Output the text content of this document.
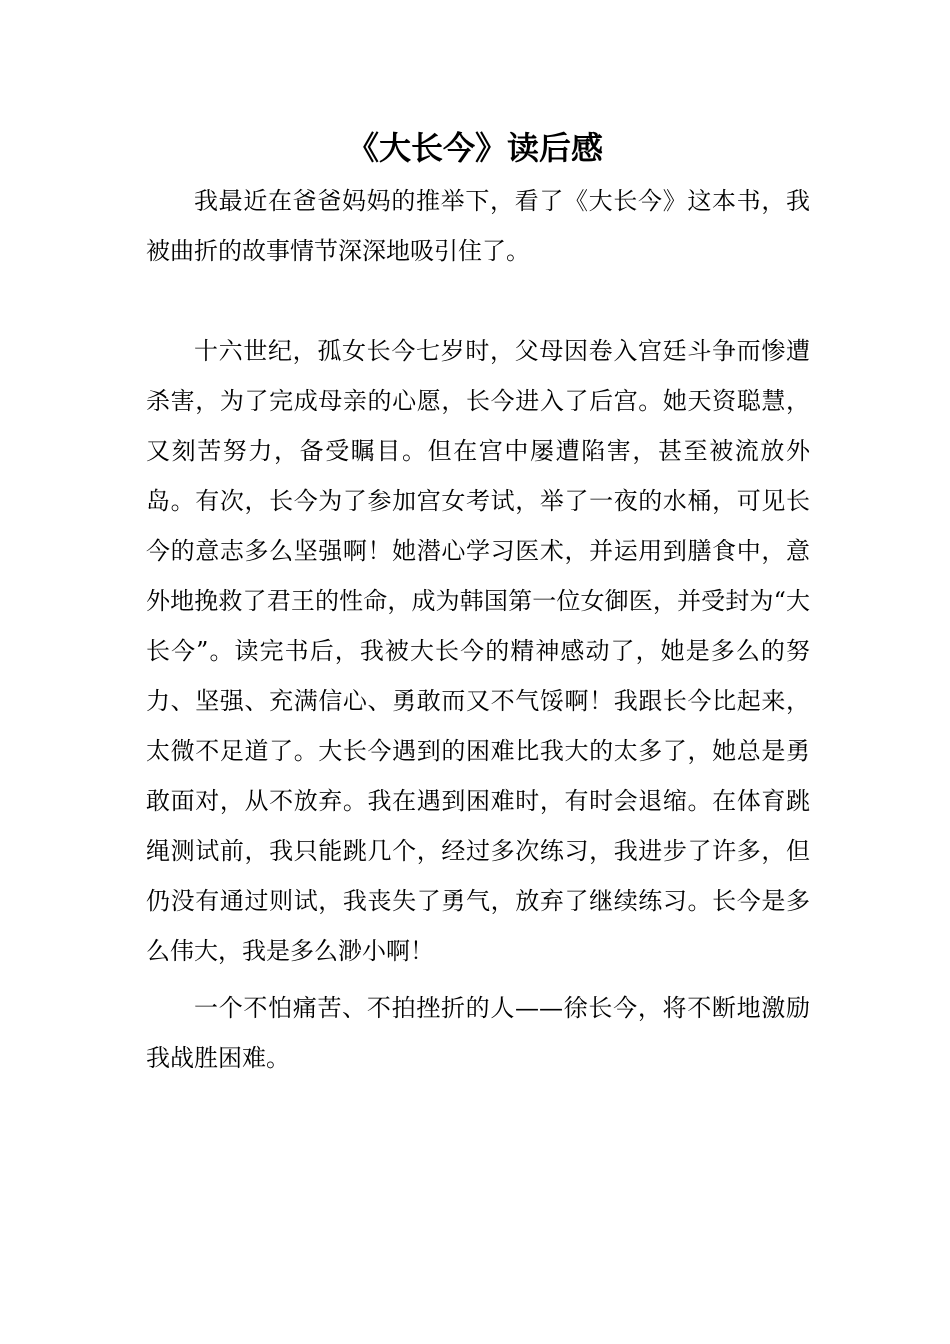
《大长今》读后感

我最近在爸爸妈妈的推举下，看了《大长今》这本书，我被曲折的故事情节深深地吸引住了。

十六世纪，孤女长今七岁时，父母因卷入宫廷斗争而惨遭杀害，为了完成母亲的心愿，长今进入了后宫。她天资聪慧，又刻苦努力，备受瞩目。但在宫中屡遭陷害，甚至被流放外岛。有次，长今为了参加宫女考试，举了一夜的水桶，可见长今的意志多么坚强啊！她潜心学习医术，并运用到膳食中，意外地挽救了君王的性命，成为韩国第一位女御医，并受封为“大长今”。读完书后，我被大长今的精神感动了，她是多么的努力、坚强、充满信心、勇敢而又不气馁啊！我跟长今比起来，太微不足道了。大长今遇到的困难比我大的太多了，她总是勇敢面对，从不放弃。我在遇到困难时，有时会退缩。在体育跳绳测试前，我只能跳几个，经过多次练习，我进步了许多，但仍没有通过则试，我丧失了勇气，放弃了继续练习。长今是多么伟大，我是多么渺小啊！

一个不怕痛苦、不拍挫折的人——徐长今，将不断地激励我战胜困难。
